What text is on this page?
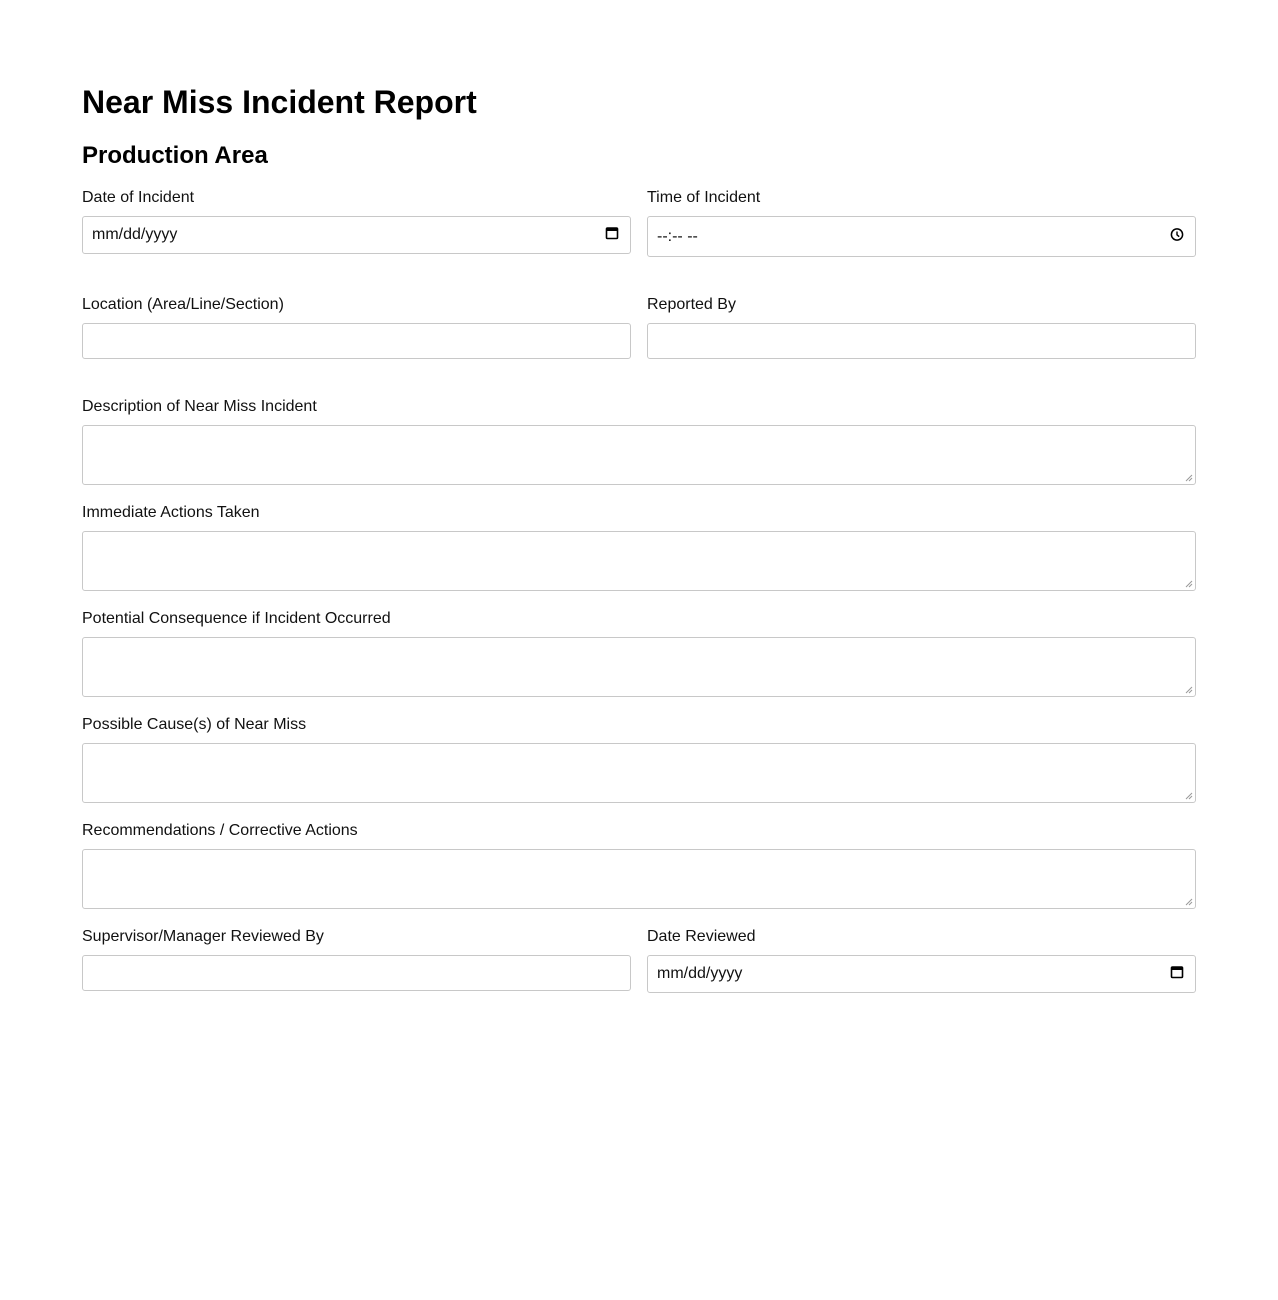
Near Miss Incident Report
Production Area
Date of Incident
mm/dd/yyyy
Time of Incident
--:-- --
Location (Area/Line/Section)	Reported By
Description of Near Miss Incident
Immediate Actions Taken
Potential Consequence if Incident Occurred
Possible Cause(s) of Near Miss
Recommendations / Corrective Actions
Supervisor/Manager Reviewed By	Date Reviewed
mm/dd/yyyy
